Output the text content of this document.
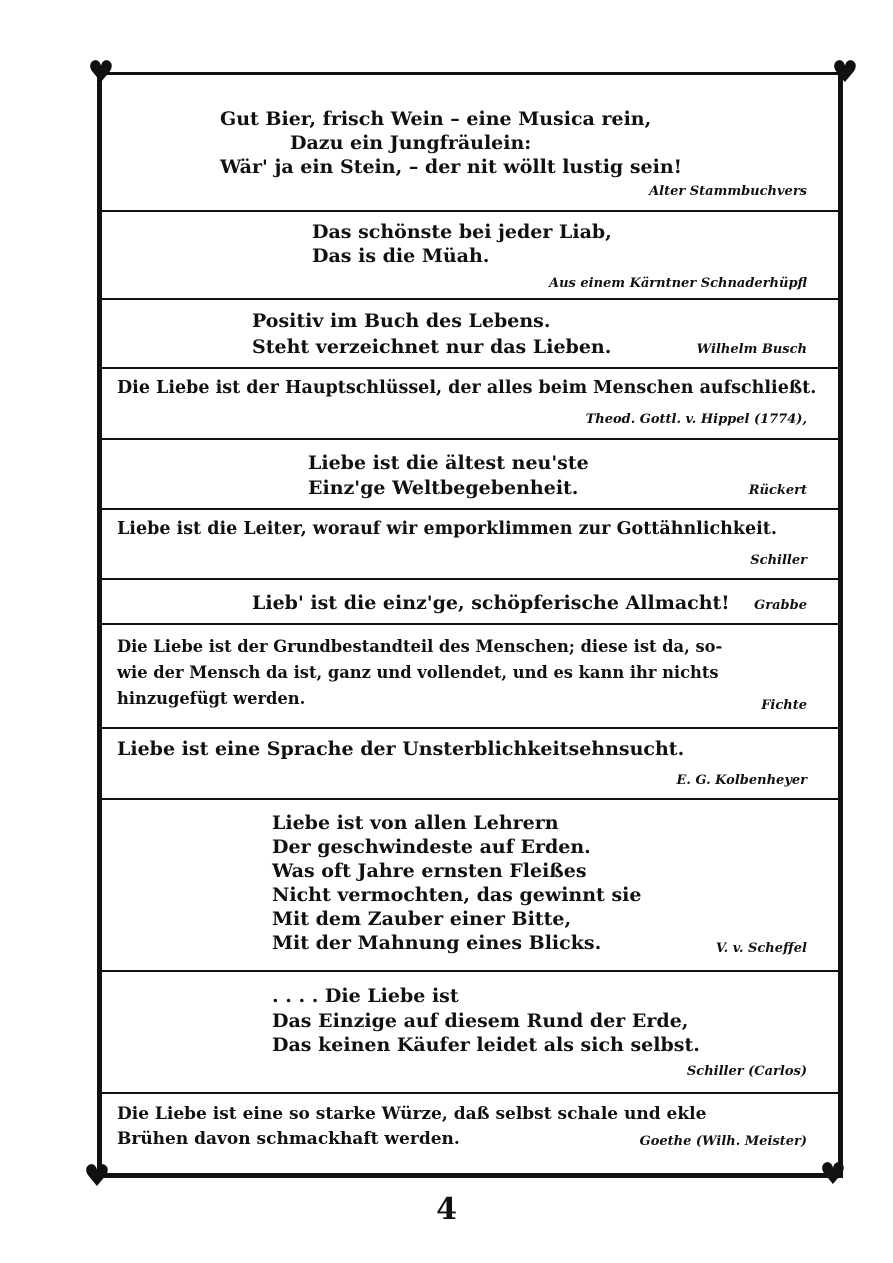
♥	♥
♥	♥
Gut Bier, frisch Wein – eine Musica rein,
Dazu ein Jungfräulein:
Wär' ja ein Stein, – der nit wöllt lustig sein!
Alter Stammbuchvers
Das schönste bei jeder Liab,
Das is die Müah.
Aus einem Kärntner Schnaderhüpfl
Positiv im Buch des Lebens.
Steht verzeichnet nur das Lieben.	Wilhelm Busch
Die Liebe ist der Hauptschlüssel, der alles beim Menschen aufschließt.
Theod. Gottl. v. Hippel (1774),
Liebe ist die ältest neu'ste
Einz'ge Weltbegebenheit.	Rückert
Liebe ist die Leiter, worauf wir emporklimmen zur Gottähnlichkeit.
Schiller
Lieb' ist die einz'ge, schöpferische Allmacht! Grabbe
Die Liebe ist der Grundbestandteil des Menschen; diese ist da, so-
wie der Mensch da ist, ganz und vollendet, und es kann ihr nichts
hinzugefügt werden.	Fichte
Liebe ist eine Sprache der Unsterblichkeitsehnsucht.
E. G. Kolbenheyer
Liebe ist von allen Lehrern
Der geschwindeste auf Erden.
Was oft Jahre ernsten Fleißes
Nicht vermochten, das gewinnt sie
Mit dem Zauber einer Bitte,
Mit der Mahnung eines Blicks.	V. v. Scheffel
. . . . Die Liebe ist
Das Einzige auf diesem Rund der Erde,
Das keinen Käufer leidet als sich selbst.
Schiller (Carlos)
Die Liebe ist eine so starke Würze, daß selbst schale und ekle
Brühen davon schmackhaft werden.	Goethe (Wilh. Meister)
4
